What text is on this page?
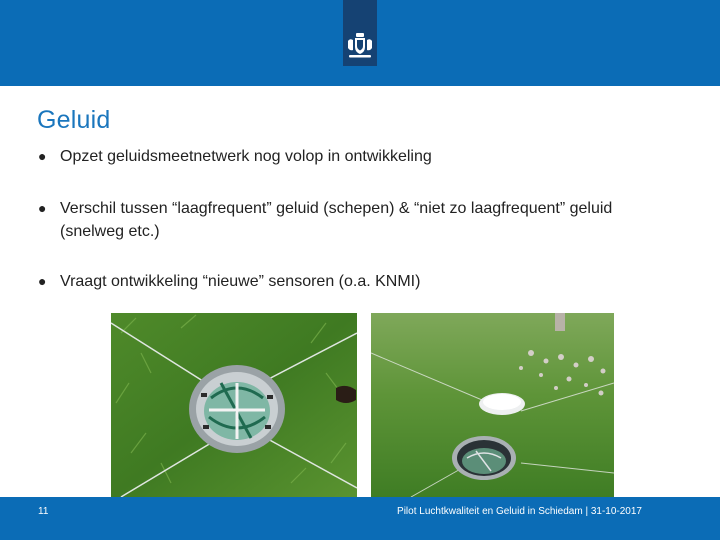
Geluid
● Opzet geluidsmeetnetwerk nog volop in ontwikkeling
● Verschil tussen “laagfrequent” geluid (schepen) & “niet zo laagfrequent” geluid (snelweg etc.)
● Vraagt ontwikkeling “nieuwe” sensoren (o.a. KNMI)
11	Pilot Luchtkwaliteit en Geluid in Schiedam | 31-10-2017
